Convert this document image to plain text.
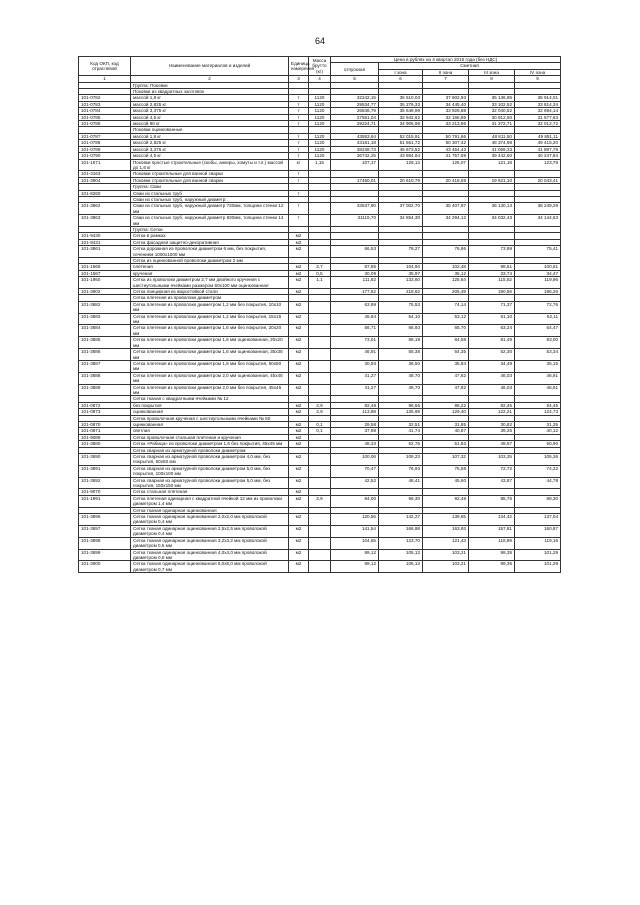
64
Код ОКП, код отраслевой	Наименование материалов и изделий	Единица измерения	Масса брутто (кг)	Цена в рублях на 4 квартал 2015 года (без НДС)				
				отпускная	Сметная			
					I зона	II зона	III зона	IV зона
1	2	3	4	5	6	7	8	9
	Группа: Поковки							
	Поковки из квадратных заготовок							
101-0782	массой 1,8 кг	т	1120	32242,15	35 510,03	37 602,93	35 136,95	36 914,01
101-0783	массой 2,825 кг	т	1120	29534,77	35 276,33	34 445,40	33 102,52	33 814,34
101-0784	массой 3,375 кг	т	1120	26846,79	35 648,99	33 926,88	32 040,52	32 694,14
101-0785	массой 4,5 кг	т	1120	27561,04	32 942,62	32 166,85	30 912,60	31 577,63
101-0786	массой 90 кг	т	1120	29224,71	34 905,98	33 213,86	31 372,71	32 012,72
	Поковки оцинкованные							
101-0787	массой 1,8 кг	т	1120	43553,64	52 015,91	50 791,66	48 811,50	49 851,11
101-0788	массой 2,825 кг	т	1120	43181,18	51 551,72	50 307,42	48 374,98	49 415,20
101-0789	массой 3,375 кг	т	1120	38239,73	45 673,52	43 454,43	41 059,33	41 897,78
101-0790	массой 4,5 кг	т	1120	36742,25	43 884,94	41 757,59	39 442,60	40 247,84
101-1671	Поковки простые строительные (скобы, анкеры, хомуты и т.п.) массой до 1,6 кг	кг	1,15	107,17	129,13	126,07	121,18	123,78
101-3163	Поковки строительные для ванной сварки	т						
101-3904	Поковки строительные для ванной сварки	т		17460,01	20 610,79	20 416,59	19 621,10	20 043,41
	Группа: Сваи							
101-8260	Сваи из стальных труб	т						
	Сваи из стальных труб, наружный диаметр:							
101-3862	Сваи из стальных труб, наружный диаметр 720мм, толщина стенки 12 мм	т		33537,90	37 002,70	35 407,97	36 130,13	36 249,29
101-3863	Сваи из стальных труб, наружный диаметр 820мм, толщина стенки 14 мм	т		31119,70	34 854,30	34 294,12	34 032,43	34 144,63
	Группа: Сетки							
101-9430	Сетка в рамках	м2						
101-9431	Сетка фасадная защитно-декоративная	м2						
101-3861	Сетка дорожная из проволоки диаметром 6 мм, без покрытия, сечением 1000х1000 мм	м2		66,53	78,27	76,86	73,99	75,41
	Сетка из оцинкованной проволоки диаметром 2 мм							
101-1566	плетеная	м2	2,7	87,85	104,94	102,48	98,51	100,61
101-1567	крученая	м2	0,5	30,09	35,97	35,12	33,74	34,47
101-1950	Сетка из проволоки диаметром 2,7 мм двойного кручения с шестиугольными ячейками размером 60х100 мм оцинкованная	м2	1,1	111,82	133,60	125,64	115,52	119,96
101-3902	Сетка панцирная из жаростойкой стали	м2		177,52	218,62	205,49	190,56	196,26
	Сетка плетеная из проволоки диаметром							
101-3882	Сетка плетеная из проволоки диаметром 1,2 мм без покрытия, 10х10 мм	м2		63,99	75,53	74,14	71,37	72,76
101-3883	Сетка плетеная из проволоки диаметром 1,2 мм без покрытия, 15х15 мм	м2		45,84	54,10	53,12	51,10	52,11
101-3884	Сетка плетеная из проволоки диаметром 1,6 мм без покрытия, 20х20 мм	м2		56,71	66,93	65,70	63,24	64,47
101-3885	Сетка плетеная из проволоки диаметром 1,6 мм оцинкованная, 20х20 мм	м2		73,01	86,19	84,58	81,49	83,00
101-3886	Сетка плетеная из проволоки диаметром 1,6 мм оцинкованная, 35х35 мм	м2		46,91	55,38	54,35	52,30	53,34
101-3887	Сетка плетеная из проволоки диаметром 1,8 мм без покрытия, 50х50 мм	м2		30,93	36,50	35,84	34,49	35,15
101-3888	Сетка плетеная из проволоки диаметром 2,0 мм оцинкованная, 45х45 мм	м2		41,27	48,70	47,82	46,03	46,91
101-3889	Сетка плетеная из проволоки диаметром 2,0 мм без покрытия, 45х45 мм	м2		41,27	48,70	47,82	46,03	46,91
	Сетка тканая с квадратными ячейками № 12							
101-0872	без покрытия	м2	2,9	92,49	96,55	96,22	92,45	94,45
101-0873	оцинкованная	м2	2,9	113,88	135,99	129,40	122,21	124,73
	Сетка проволочная крученая с шестиугольными ячейками № 50							
101-0870	оцинкованная	м2	0,1	29,58	32,51	31,85	30,82	31,35
101-0871	светлая	м2	0,1	37,98	41,74	40,87	39,25	40,12
101-9089	Сетка проволочная стальная плетеная и крученая	м2						
101-3880	Сетка «Рабица» из проволоки диаметром 1,6 без покрытия, 45х45 мм	м2		48,33	52,76	51,83	49,67	50,90
	Сетка сварная из арматурной проволоки диаметром:							
101-3890	Сетка сварная из арматурной проволоки диаметром 4,0 мм, без покрытия, 50х50 мм	м2		100,06	109,23	107,32	103,25	105,36
101-3891	Сетка сварная из арматурной проволоки диаметром 5,0 мм, без покрытия, 100х100 мм	м2		70,47	76,93	75,58	72,72	74,22
101-3892	Сетка сварная из арматурной проволоки диаметром 5,0 мм, без покрытия, 150х150 мм	м2		42,52	46,41	45,60	43,87	44,78
101-9070	Сетка стальная плетеная	м2						
101-1991	Сетка плетеная одинарная с квадратной ячейкой 12 мм из проволоки диаметром 1,4 мм	м2	2,9	84,00	96,30	92,48	85,76	88,30
	Сетка тканая одинарная оцинкованная							
101-3896	Сетка тканая одинарная оцинкованная 2,0х2,0 мм проволокой диаметром 0,4 мм	м2		120,56	142,27	139,65	134,42	137,04
101-3897	Сетка тканая одинарная оцинкованная 2,5х2,5 мм проволокой диаметром 0,4 мм	м2		141,54	166,98	163,93	157,81	160,87
101-3898	Сетка тканая одинарная оцинкованная 3,2х3,2 мм проволокой диаметром 0,5 мм	м2		104,65	123,70	121,43	116,89	119,16
101-3899	Сетка тканая одинарная оцинкованная 4,0х4,0 мм проволокой диаметром 0,6 мм	м2		89,12	105,13	103,21	99,35	101,29
101-3900	Сетка тканая одинарная оцинкованная 6,0х6,0 мм проволокой диаметром 0,7 мм	м2		89,12	105,13	103,21	99,35	101,29
